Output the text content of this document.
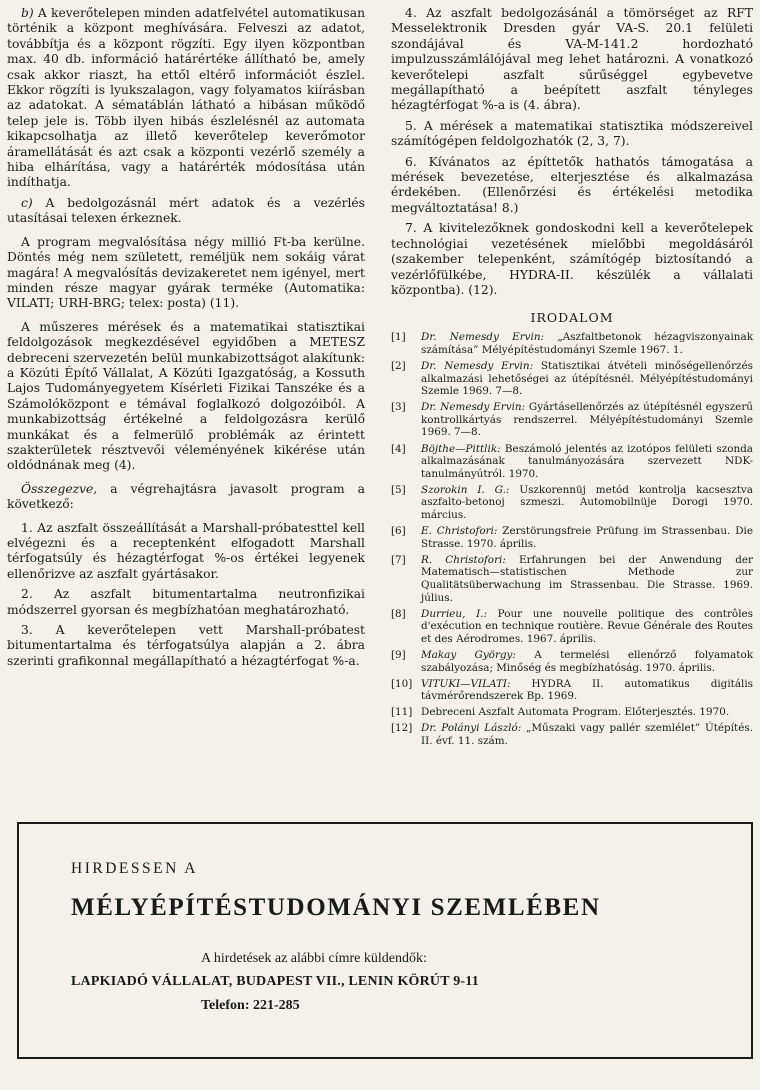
b) A keverőtelepen minden adatfelvétel automatikusan történik a központ meghívására. Felveszi az adatot, továbbítja és a központ rögzíti. Egy ilyen központban max. 40 db. információ határértéke állítható be, amely csak akkor riaszt, ha ettől eltérő információt észlel. Ekkor rögzíti is lyukszalagon, vagy folyamatos kiírásban az adatokat. A sématáblán látható a hibásan működő telep jele is. Több ilyen hibás észlelésnél az automata kikapcsolhatja az illető keverőtelep keverőmotor áramellátását és azt csak a központi vezérlő személy a hiba elhárítása, vagy a határérték módosítása után indíthatja.

c) A bedolgozásnál mért adatok és a vezérlés utasításai telexen érkeznek.

A program megvalósítása négy millió Ft-ba kerülne. Döntés még nem született, reméljük nem sokáig várat magára! A megvalósítás devizakeretet nem igényel, mert minden része magyar gyárak terméke (Automatika: VILATI; URH-BRG; telex: posta) (11).

A műszeres mérések és a matematikai statisztikai feldolgozások megkezdésével egyidőben a METESZ debreceni szervezetén belül munkabizottságot alakítunk: a Közúti Építő Vállalat, A Közúti Igazgatóság, a Kossuth Lajos Tudományegyetem Kísérleti Fizikai Tanszéke és a Számolóközpont e témával foglalkozó dolgozóiból. A munkabizottság értékelné a feldolgozásra kerülő munkákat és a felmerülő problémák az érintett szakterületek résztvevői véleményének kikérése után oldódnának meg (4).

Összegezve, a végrehajtásra javasolt program a következő:

1. Az aszfalt összeállítását a Marshall-próbatesttel kell elvégezni és a receptenként elfogadott Marshall térfogatsúly és hézagtérfogat %-os értékei legyenek ellenőrizve az aszfalt gyártásakor.

2. Az aszfalt bitumentartalma neutronfizikai módszerrel gyorsan és megbízhatóan meghatározható.

3. A keverőtelepen vett Marshall-próbatest bitumentartalma és térfogatsúlya alapján a 2. ábra szerinti grafikonnal megállapítható a hézagtérfogat %-a.

4. Az aszfalt bedolgozásánál a tömörséget az RFT Messelektronik Dresden gyár VA-S. 20.1 felületi szondájával és VA-M-141.2 hordozható impulzusszámlálójával meg lehet határozni. A vonatkozó keverőtelepi aszfalt sűrűséggel egybevetve megállapítható a beépített aszfalt tényleges hézagtérfogat %-a is (4. ábra).

5. A mérések a matematikai statisztika módszereivel számítógépen feldolgozhatók (2, 3, 7).

6. Kívánatos az építtetők hathatós támogatása a mérések bevezetése, elterjesztése és alkalmazása érdekében. (Ellenőrzési és értékelési metodika megváltoztatása! 8.)

7. A kivitelezőknek gondoskodni kell a keverőtelepek technológiai vezetésének mielőbbi megoldásáról (szakember telepenként, számítógép biztosítandó a vezérlőfülkébe, HYDRA-II. készülék a vállalati központba). (12).

IRODALOM
[1]	Dr. Nemesdy Ervin: „Aszfaltbetonok hézagviszonyainak számítása” Mélyépítéstudományi Szemle 1967. 1.
[2]	Dr. Nemesdy Ervin: Statisztikai átvételi minőségellenőrzés alkalmazási lehetőségei az útépítésnél. Mélyépítéstudományi Szemle 1969. 7—8.
[3]	Dr. Nemesdy Ervin: Gyártásellenőrzés az útépítésnél egyszerű kontrollkártyás rendszerrel. Mélyépítéstudományi Szemle 1969. 7—8.
[4]	Böjthe—Pittlik: Beszámoló jelentés az izotópos felületi szonda alkalmazásának tanulmányozására szervezett NDK-tanulmányútról. 1970.
[5]	Szorokin I. G.: Uszkorennüj metód kontrolja kacsesztva aszfalto-betonoj szmeszi. Automobilnüje Dorogi 1970. március.
[6]	E. Christofori: Zerstörungsfreie Prüfung im Strassenbau. Die Strasse. 1970. április.
[7]	R. Christofori: Erfahrungen bei der Anwendung der Matematisch—statistischen Methode zur Qualitätsüberwachung im Strassenbau. Die Strasse. 1969. július.
[8]	Durrieu, I.: Pour une nouvelle politique des contrôles d'exécution en technique routière. Revue Générale des Routes et des Aérodromes. 1967. április.
[9]	Makay György: A termelési ellenőrző folyamatok szabályozása; Minőség és megbízhatóság. 1970. április.
[10] VITUKI—VILATI: HYDRA II. automatikus digitális távmérőrendszerek Bp. 1969.
[11] Debreceni Aszfalt Automata Program. Előterjesztés. 1970.
[12] Dr. Polányi László: „Műszaki vagy pallér szemlélet” Útépítés. II. évf. 11. szám.
HIRDESSEN A
MÉLYÉPÍTÉSTUDOMÁNYI SZEMLÉBEN
A hirdetések az alábbi címre küldendők:
LAPKIADÓ VÁLLALAT, BUDAPEST VII., LENIN KÖRÚT 9-11
Telefon: 221-285
